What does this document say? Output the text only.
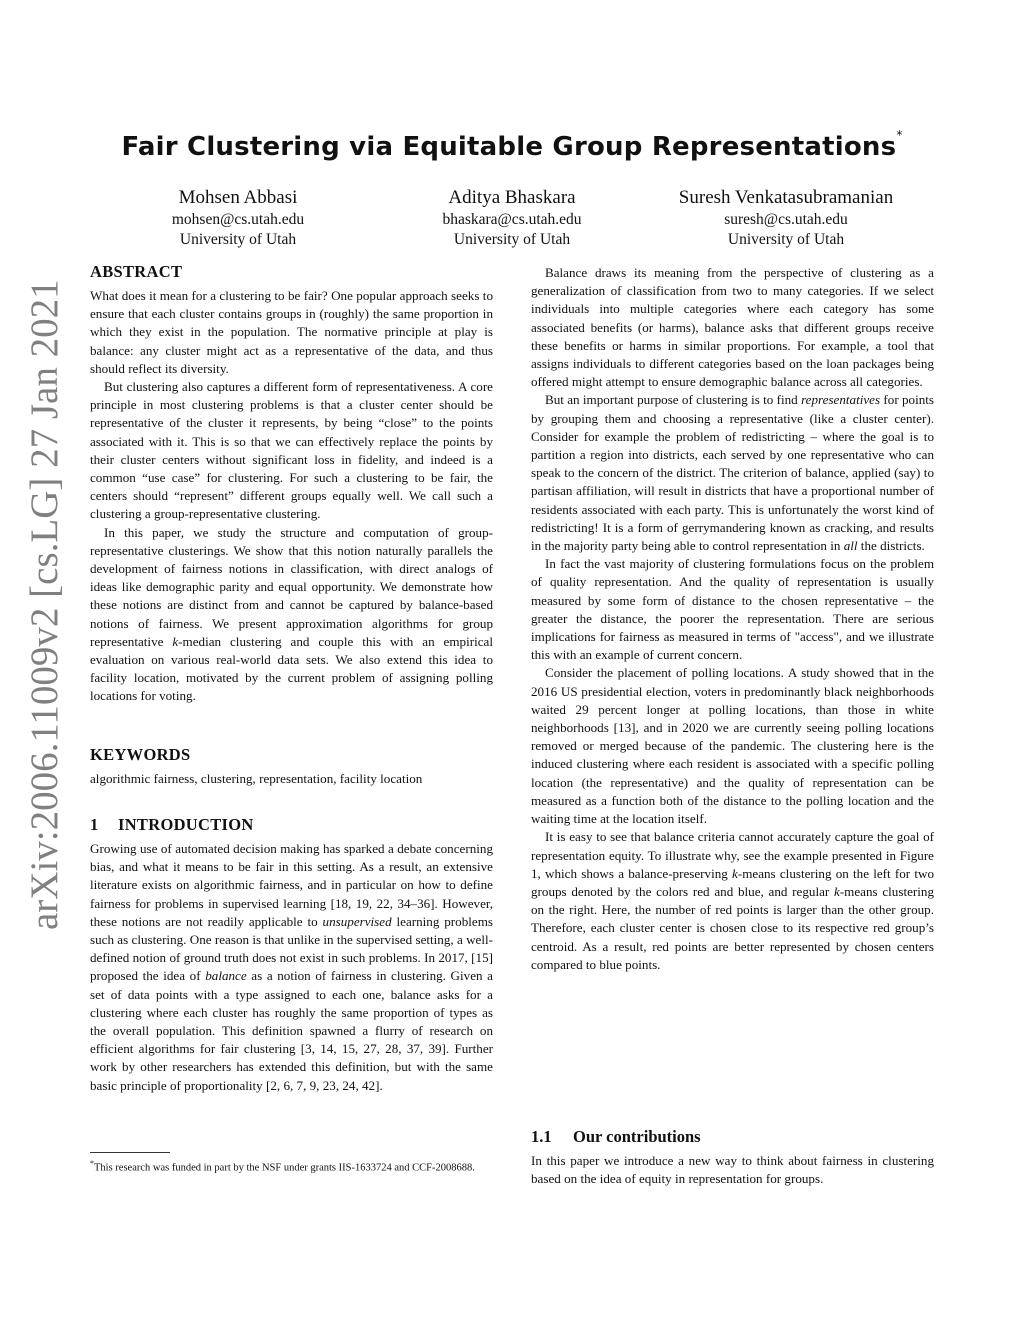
arXiv:2006.11009v2 [cs.LG] 27 Jan 2021
Fair Clustering via Equitable Group Representations*
Mohsen Abbasi
mohsen@cs.utah.edu
University of Utah
Aditya Bhaskara
bhaskara@cs.utah.edu
University of Utah
Suresh Venkatasubramanian
suresh@cs.utah.edu
University of Utah
ABSTRACT

What does it mean for a clustering to be fair? One popular approach seeks to ensure that each cluster contains groups in (roughly) the same proportion in which they exist in the population. The normative principle at play is balance: any cluster might act as a representative of the data, and thus should reflect its diversity.

But clustering also captures a different form of representativeness. A core principle in most clustering problems is that a cluster center should be representative of the cluster it represents, by being “close” to the points associated with it. This is so that we can effectively replace the points by their cluster centers without significant loss in fidelity, and indeed is a common “use case” for clustering. For such a clustering to be fair, the centers should “represent” different groups equally well. We call such a clustering a group-representative clustering.

In this paper, we study the structure and computation of group-representative clusterings. We show that this notion naturally parallels the development of fairness notions in classification, with direct analogs of ideas like demographic parity and equal opportunity. We demonstrate how these notions are distinct from and cannot be captured by balance-based notions of fairness. We present approximation algorithms for group representative k-median clustering and couple this with an empirical evaluation on various real-world data sets. We also extend this idea to facility location, motivated by the current problem of assigning polling locations for voting.

KEYWORDS

algorithmic fairness, clustering, representation, facility location

1 INTRODUCTION

Growing use of automated decision making has sparked a debate concerning bias, and what it means to be fair in this setting. As a result, an extensive literature exists on algorithmic fairness, and in particular on how to define fairness for problems in supervised learning [18, 19, 22, 34–36]. However, these notions are not readily applicable to unsupervised learning problems such as clustering. One reason is that unlike in the supervised setting, a well-defined notion of ground truth does not exist in such problems. In 2017, [15] proposed the idea of balance as a notion of fairness in clustering. Given a set of data points with a type assigned to each one, balance asks for a clustering where each cluster has roughly the same proportion of types as the overall population. This definition spawned a flurry of research on efficient algorithms for fair clustering [3, 14, 15, 27, 28, 37, 39]. Further work by other researchers has extended this definition, but with the same basic principle of proportionality [2, 6, 7, 9, 23, 24, 42].

*This research was funded in part by the NSF under grants IIS-1633724 and CCF-2008688.

Balance draws its meaning from the perspective of clustering as a generalization of classification from two to many categories. If we select individuals into multiple categories where each category has some associated benefits (or harms), balance asks that different groups receive these benefits or harms in similar proportions. For example, a tool that assigns individuals to different categories based on the loan packages being offered might attempt to ensure demographic balance across all categories.

But an important purpose of clustering is to find representatives for points by grouping them and choosing a representative (like a cluster center). Consider for example the problem of redistricting – where the goal is to partition a region into districts, each served by one representative who can speak to the concern of the district. The criterion of balance, applied (say) to partisan affiliation, will result in districts that have a proportional number of residents associated with each party. This is unfortunately the worst kind of redistricting! It is a form of gerrymandering known as cracking, and results in the majority party being able to control representation in all the districts.

In fact the vast majority of clustering formulations focus on the problem of quality representation. And the quality of representation is usually measured by some form of distance to the chosen representative – the greater the distance, the poorer the representation. There are serious implications for fairness as measured in terms of "access", and we illustrate this with an example of current concern.

Consider the placement of polling locations. A study showed that in the 2016 US presidential election, voters in predominantly black neighborhoods waited 29 percent longer at polling locations, than those in white neighborhoods [13], and in 2020 we are currently seeing polling locations removed or merged because of the pandemic. The clustering here is the induced clustering where each resident is associated with a specific polling location (the representative) and the quality of representation can be measured as a function both of the distance to the polling location and the waiting time at the location itself.

It is easy to see that balance criteria cannot accurately capture the goal of representation equity. To illustrate why, see the example presented in Figure 1, which shows a balance-preserving k-means clustering on the left for two groups denoted by the colors red and blue, and regular k-means clustering on the right. Here, the number of red points is larger than the other group. Therefore, each cluster center is chosen close to its respective red group’s centroid. As a result, red points are better represented by chosen centers compared to blue points.

1.1 Our contributions

In this paper we introduce a new way to think about fairness in clustering based on the idea of equity in representation for groups.
